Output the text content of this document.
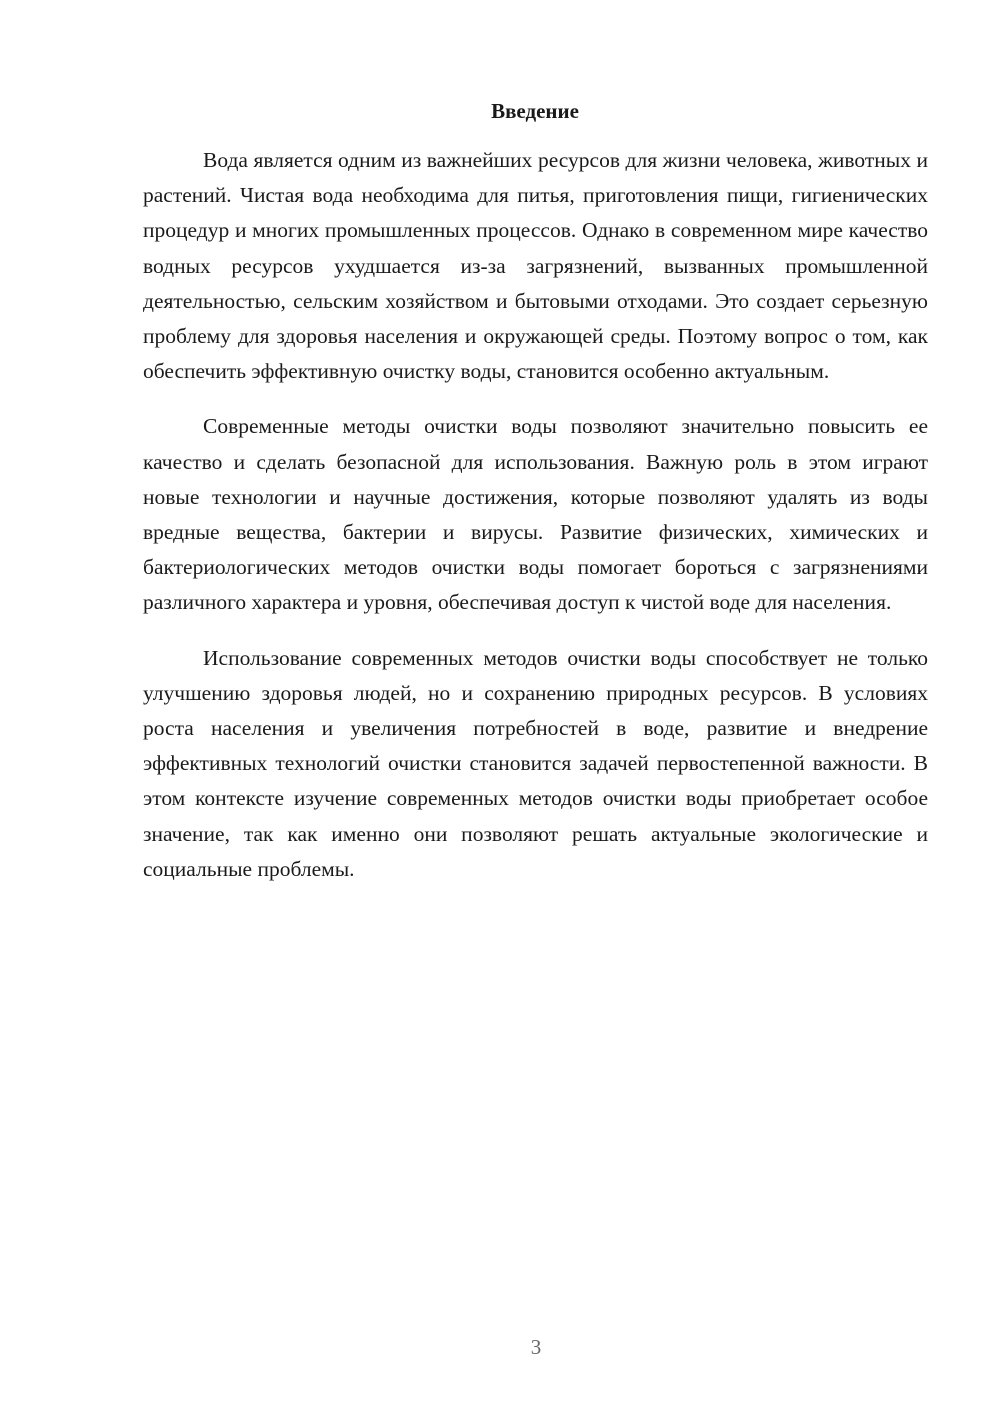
Введение

Вода является одним из важнейших ресурсов для жизни человека, животных и растений. Чистая вода необходима для питья, приготовления пищи, гигиенических процедур и многих промышленных процессов. Однако в современном мире качество водных ресурсов ухудшается из-за загрязнений, вызванных промышленной деятельностью, сельским хозяйством и бытовыми отходами. Это создает серьезную проблему для здоровья населения и окружающей среды. Поэтому вопрос о том, как обеспечить эффективную очистку воды, становится особенно актуальным.

Современные методы очистки воды позволяют значительно повысить ее качество и сделать безопасной для использования. Важную роль в этом играют новые технологии и научные достижения, которые позволяют удалять из воды вредные вещества, бактерии и вирусы. Развитие физических, химических и бактериологических методов очистки воды помогает бороться с загрязнениями различного характера и уровня, обеспечивая доступ к чистой воде для населения.

Использование современных методов очистки воды способствует не только улучшению здоровья людей, но и сохранению природных ресурсов. В условиях роста населения и увеличения потребностей в воде, развитие и внедрение эффективных технологий очистки становится задачей первостепенной важности. В этом контексте изучение современных методов очистки воды приобретает особое значение, так как именно они позволяют решать актуальные экологические и социальные проблемы.

3
